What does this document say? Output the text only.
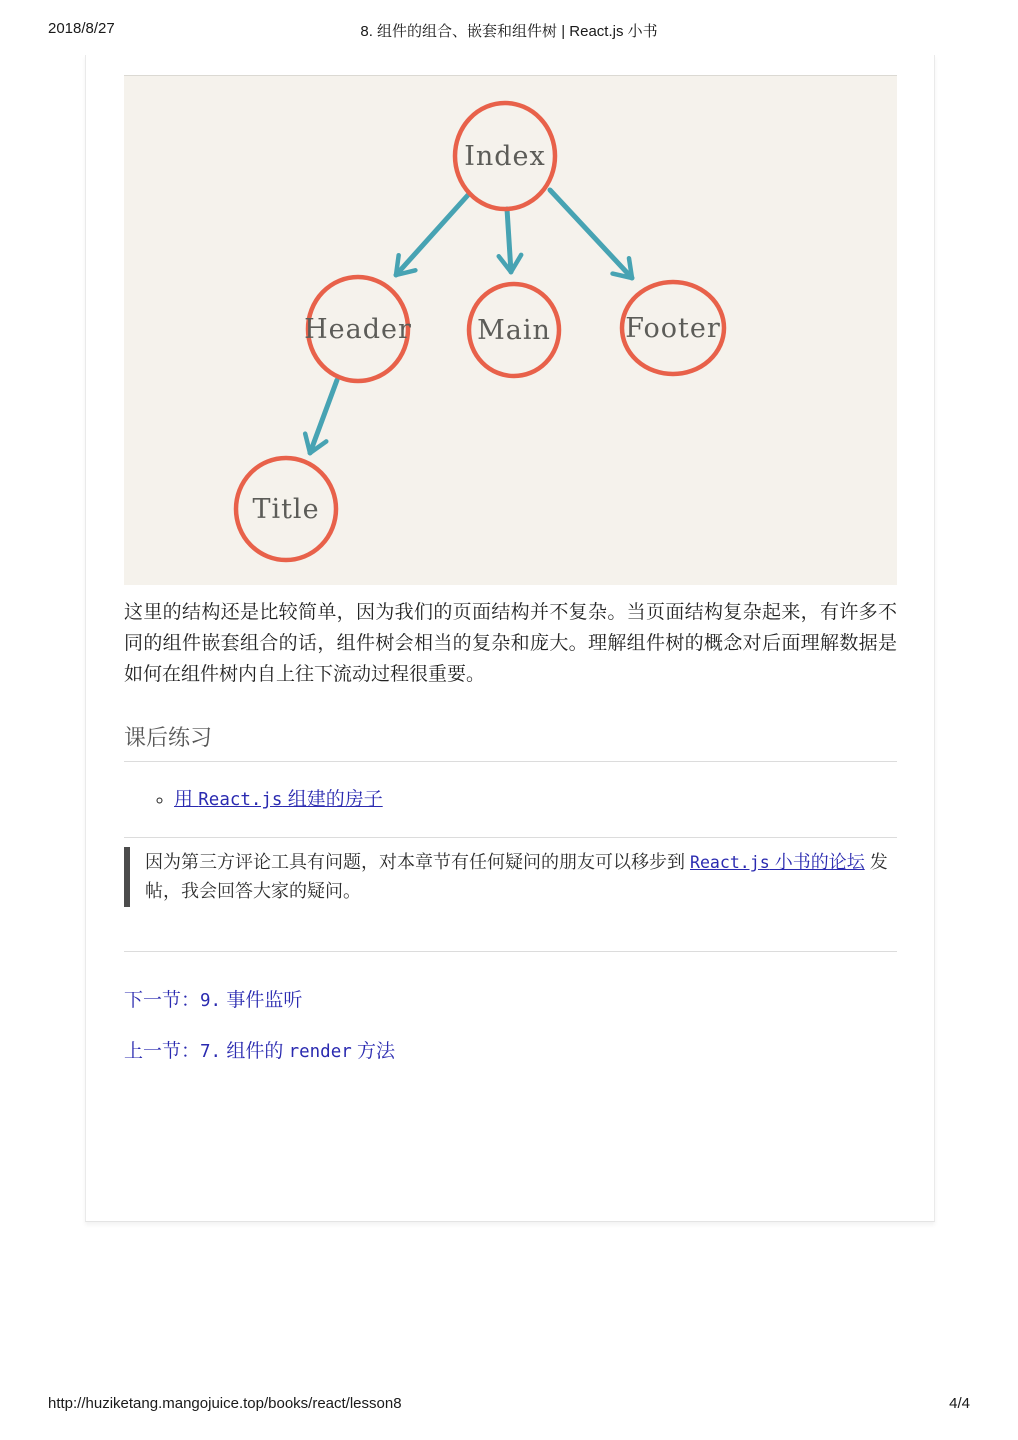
2018/8/27	8. 组件的组合、嵌套和组件树 | React.js 小书
Index
Header Main	Footer
Title

这里的结构还是比较简单，因为我们的页面结构并不复杂。当页面结构复杂起来，有许多不同的组件嵌套组合的话，组件树会相当的复杂和庞大。理解组件树的概念对后面理解数据是如何在组件树内自上往下流动过程很重要。

课后练习
◦ 用 React.js 组建的房子
因为第三方评论工具有问题，对本章节有任何疑问的朋友可以移步到 React.js 小书的论坛 发帖，我会回答大家的疑问。

下一节：9. 事件监听

上一节：7. 组件的 render 方法

http://huziketang.mangojuice.top/books/react/lesson8	4/4
